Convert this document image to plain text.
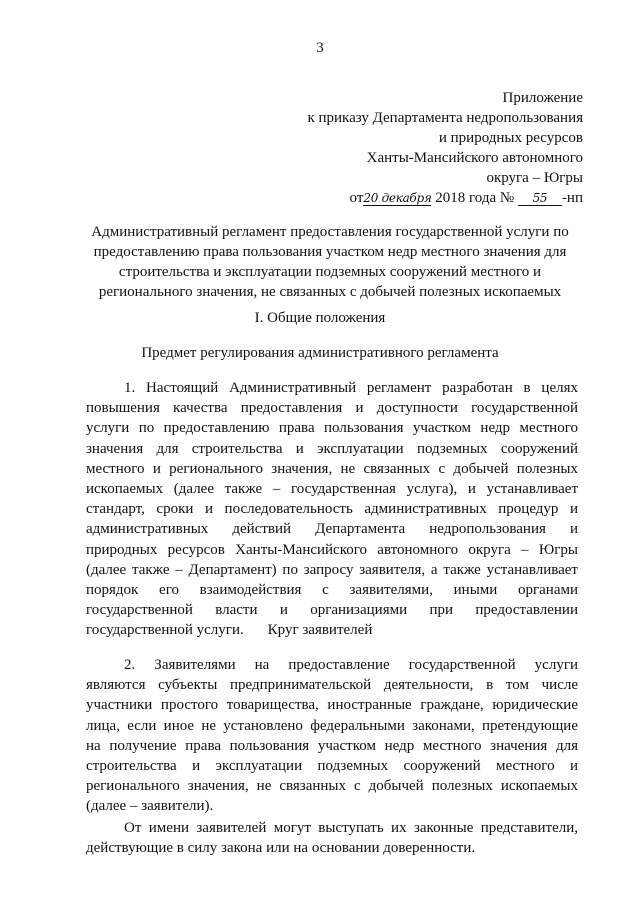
3
Приложение
к приказу Департамента недропользования
и природных ресурсов
Ханты-Мансийского автономного
округа – Югры
от20 декабря 2018 года № 55 -нп
Административный регламент предоставления государственной услуги по
предоставлению права пользования участком недр местного значения для
строительства и эксплуатации подземных сооружений местного и
регионального значения, не связанных с добычей полезных ископаемых
I. Общие положения
Предмет регулирования административного регламента
1. Настоящий Административный регламент разработан в целях
повышения качества предоставления и доступности государственной
услуги по предоставлению права пользования участком недр местного
значения для строительства и эксплуатации подземных сооружений
местного и регионального значения, не связанных с добычей полезных
ископаемых (далее также – государственная услуга), и устанавливает
стандарт, сроки и последовательность административных процедур и
административных действий Департамента недропользования и
природных ресурсов Ханты-Мансийского автономного округа – Югры
(далее также – Департамент) по запросу заявителя, а также устанавливает
порядок его взаимодействия с заявителями, иными органами
государственной власти и организациями при предоставлении
государственной услуги.	Круг заявителей
2. Заявителями на предоставление государственной услуги
являются субъекты предпринимательской деятельности, в том числе
участники простого товарищества, иностранные граждане, юридические
лица, если иное не установлено федеральными законами, претендующие
на получение права пользования участком недр местного значения для
строительства и эксплуатации подземных сооружений местного и
регионального значения, не связанных с добычей полезных ископаемых
(далее – заявители).
От имени заявителей могут выступать их законные представители,
действующие в силу закона или на основании доверенности.
